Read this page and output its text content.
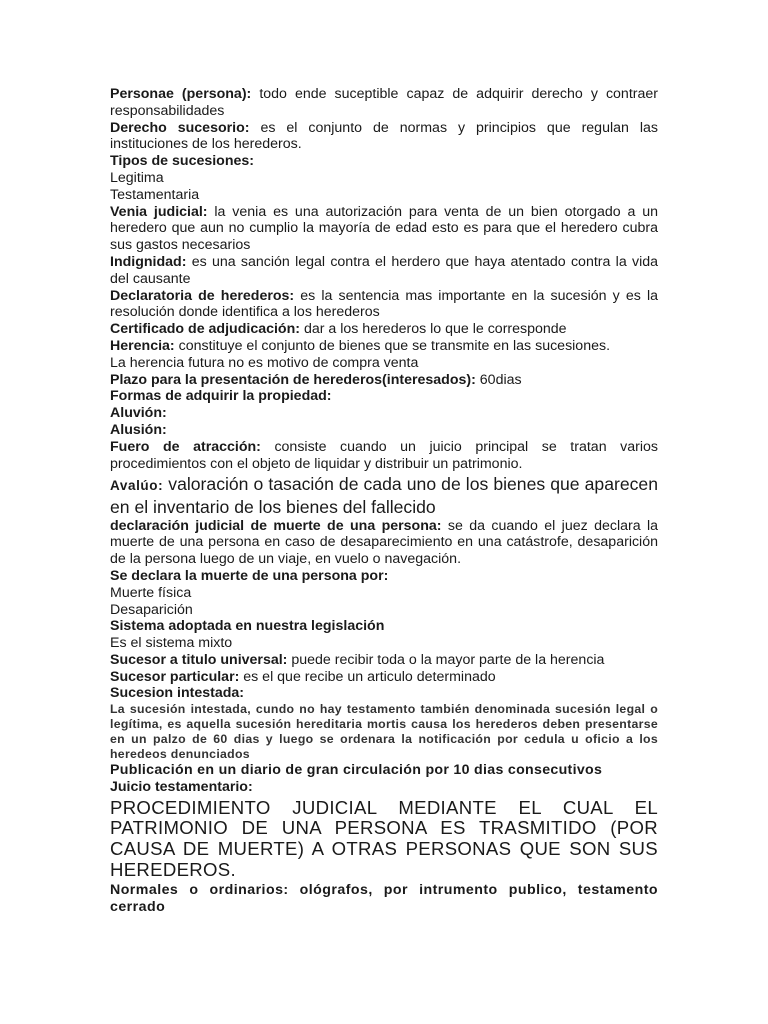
Personae (persona): todo ende suceptible capaz de adquirir derecho y contraer responsabilidades

Derecho sucesorio: es el conjunto de normas y principios que regulan las instituciones de los herederos.

Tipos de sucesiones:

Legitima

Testamentaria

Venia judicial: la venia es una autorización para venta de un bien otorgado a un heredero que aun no cumplio la mayoría de edad esto es para que el heredero cubra sus gastos necesarios

Indignidad: es una sanción legal contra el herdero que haya atentado contra la vida del causante

Declaratoria de herederos: es la sentencia mas importante en la sucesión y es la resolución donde identifica a los herederos

Certificado de adjudicación: dar a los herederos lo que le corresponde

Herencia: constituye el conjunto de bienes que se transmite en las sucesiones.

La herencia futura no es motivo de compra venta

Plazo para la presentación de herederos(interesados): 60dias

Formas de adquirir la propiedad:

Aluvión:

Alusión:

Fuero de atracción: consiste cuando un juicio principal se tratan varios procedimientos con el objeto de liquidar y distribuir un patrimonio.

Avalúo: valoración o tasación de cada uno de los bienes que aparecen en el inventario de los bienes del fallecido

declaración judicial de muerte de una persona: se da cuando el juez declara la muerte de una persona en caso de desaparecimiento en una catástrofe, desaparición de la persona luego de un viaje, en vuelo o navegación.

Se declara la muerte de una persona por:

Muerte física

Desaparición

Sistema adoptada en nuestra legislación

Es el sistema mixto

Sucesor a titulo universal: puede recibir toda o la mayor parte de la herencia

Sucesor particular: es el que recibe un articulo determinado

Sucesion intestada:

La sucesión intestada, cundo no hay testamento también denominada sucesión legal o legítima, es aquella sucesión hereditaria mortis causa los herederos deben presentarse en un palzo de 60 dias y luego se ordenara la notificación por cedula u oficio a los heredeos denunciados

Publicación en un diario de gran circulación por 10 dias consecutivos

Juicio testamentario:

PROCEDIMIENTO JUDICIAL MEDIANTE EL CUAL EL PATRIMONIO DE UNA PERSONA ES TRASMITIDO (POR CAUSA DE MUERTE) A OTRAS PERSONAS QUE SON SUS HEREDEROS.

Normales o ordinarios: ológrafos, por intrumento publico, testamento cerrado
